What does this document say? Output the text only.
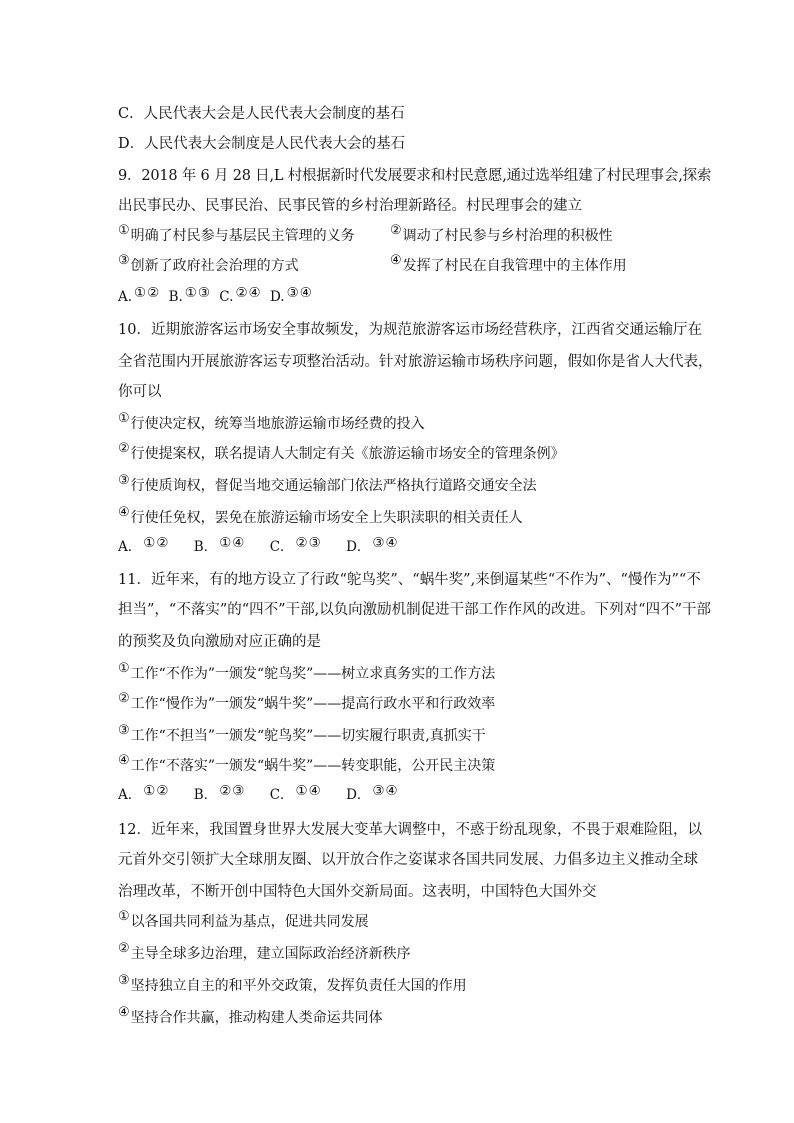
C．人民代表大会是人民代表大会制度的基石
D．人民代表大会制度是人民代表大会的基石
9．2018 年 6 月 28 日,L 村根据新时代发展要求和村民意愿,通过选举组建了村民理事会,探索
出民事民办、民事民治、民事民管的乡村治理新路径。村民理事会的建立
①明确了村民参与基层民主管理的义务	②调动了村民参与乡村治理的积极性
③创新了政府社会治理的方式	④发挥了村民在自我管理中的主体作用
A. ①② B. ①③ C. ②④ D. ③④
10．近期旅游客运市场安全事故频发，为规范旅游客运市场经营秩序，江西省交通运输厅在
全省范围内开展旅游客运专项整治活动。针对旅游运输市场秩序问题，假如你是省人大代表，
你可以
①行使决定权，统筹当地旅游运输市场经费的投入
②行使提案权，联名提请人大制定有关《旅游运输市场安全的管理条例》
③行使质询权，督促当地交通运输部门依法严格执行道路交通安全法
④行使任免权，罢免在旅游运输市场安全上失职渎职的相关责任人
A． ①② B． ①④ C． ②③ D． ③④
11．近年来，有的地方设立了行政“鸵鸟奖”、“蜗牛奖”,来倒逼某些“不作为”、“慢作为”“不
担当”，“不落实”的“四不”干部,以负向激励机制促进干部工作作风的改进。下列对“四不”干部
的预奖及负向激励对应正确的是
①工作“不作为”一颁发“鸵鸟奖”——树立求真务实的工作方法
②工作“慢作为”一颁发“蜗牛奖”——提高行政水平和行政效率
③工作“不担当”一颁发“鸵鸟奖”——切实履行职责,真抓实干
④工作“不落实”一颁发“蜗牛奖”——转变职能，公开民主决策
A． ①② B． ②③ C． ①④ D． ③④
12．近年来，我国置身世界大发展大变革大调整中，不惑于纷乱现象，不畏于艰难险阻，以
元首外交引领扩大全球朋友圈、以开放合作之姿谋求各国共同发展、力倡多边主义推动全球
治理改革，不断开创中国特色大国外交新局面。这表明，中国特色大国外交
①以各国共同利益为基点，促进共同发展
②主导全球多边治理，建立国际政治经济新秩序
③坚持独立自主的和平外交政策，发挥负责任大国的作用
④坚持合作共赢，推动构建人类命运共同体
